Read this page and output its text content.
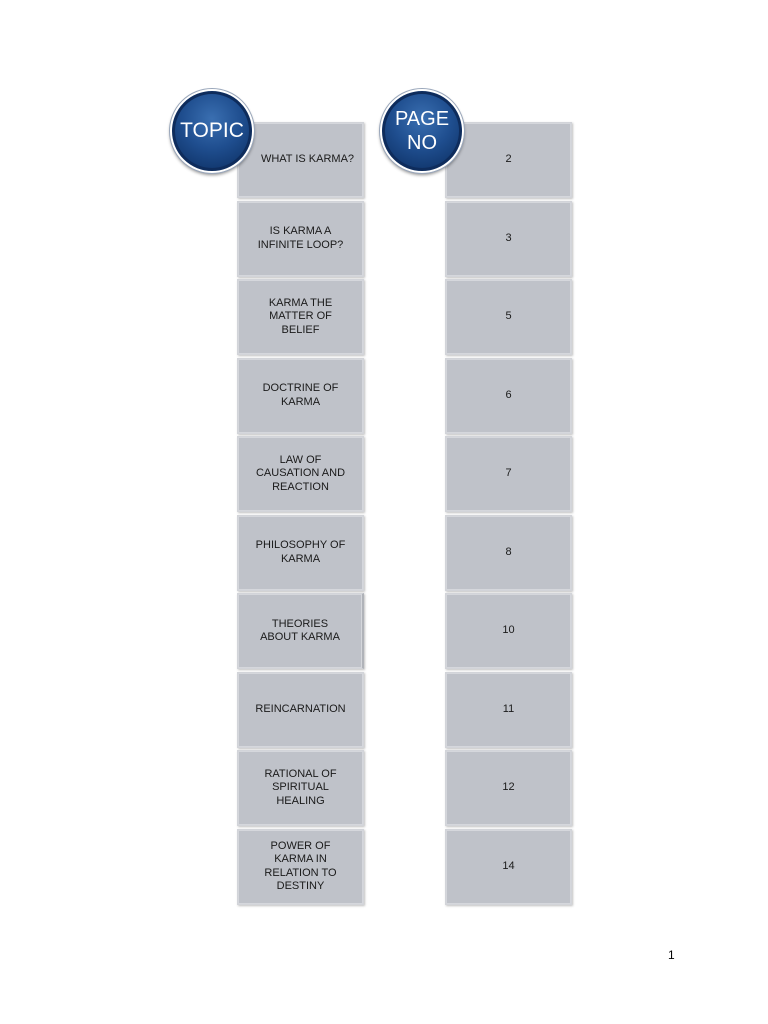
WHAT IS KARMA?
IS KARMA A INFINITE LOOP?
KARMA THE MATTER OF BELIEF
DOCTRINE OF KARMA
LAW OF CAUSATION AND REACTION
PHILOSOPHY OF KARMA
THEORIES ABOUT KARMA
REINCARNATION
RATIONAL OF SPIRITUAL HEALING
POWER OF KARMA IN RELATION TO DESTINY
2
3
5
6
7
8
10
11
12
14
TOPIC	PAGE
NO
1
